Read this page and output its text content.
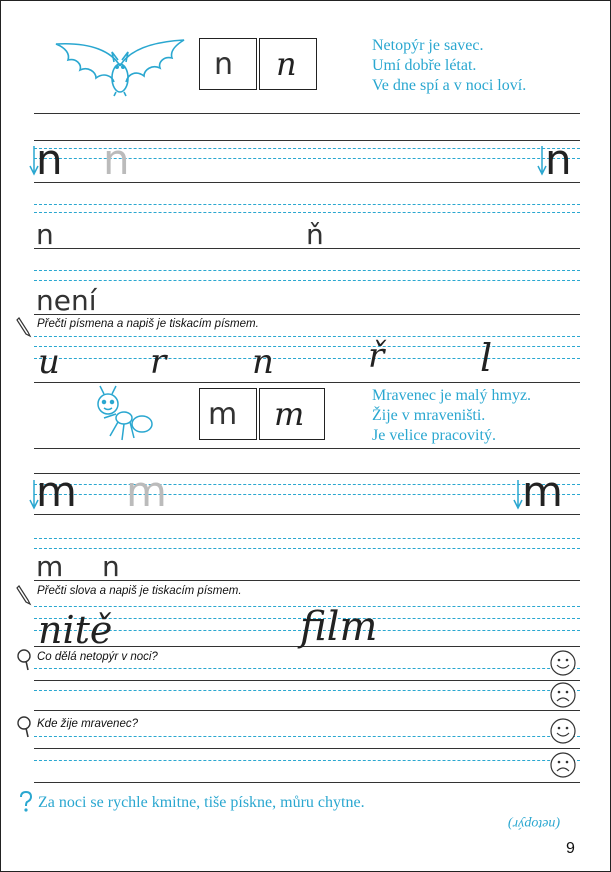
n n	Netopýr je savec.
Umí dobře létat.
Ve dne spí a v noci loví.
n n	n
n	ň
není
Přečti písmena a napiš je tiskacím písmem.
u	r	n	ř	l
m m	Mravenec je malý hmyz.
Žije v mraveništi.
Je velice pracovitý.
m m	m
m n
Přečti slova a napiš je tiskacím písmem.
nitě	film
Co dělá netopýr v noci?
Kde žije mravenec?
Za noci se rychle kmitne, tiše pískne, můru chytne.
(netopýr)
9
